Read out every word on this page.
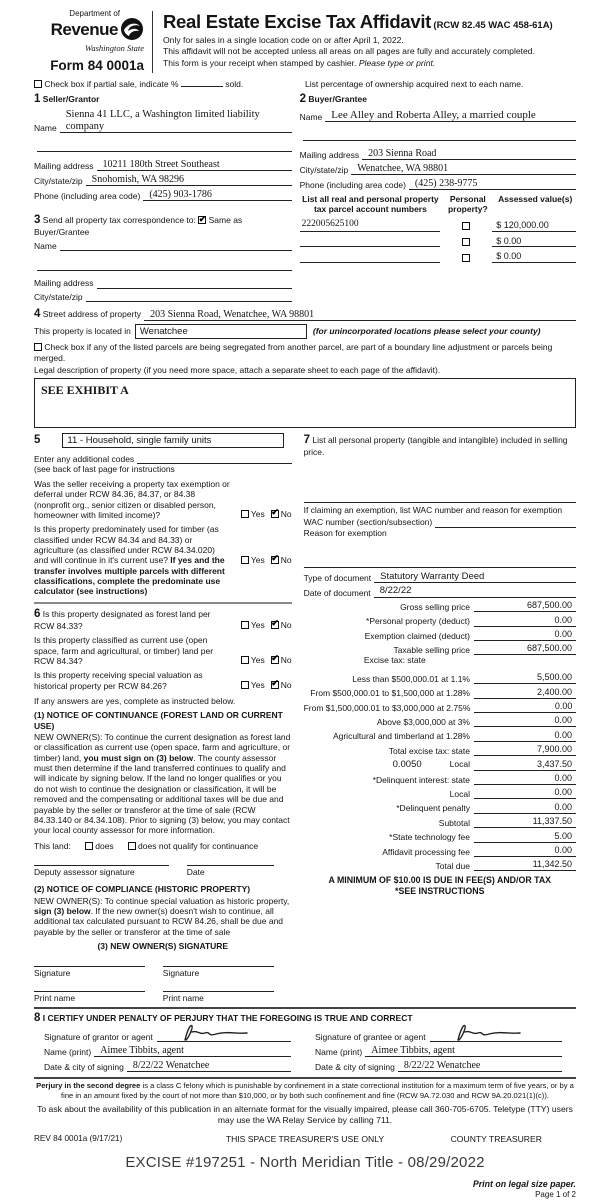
Department of
Revenue
Washington State
Form 84 0001a
Real Estate Excise Tax Affidavit (RCW 82.45 WAC 458-61A)
Only for sales in a single location code on or after April 1, 2022.
This affidavit will not be accepted unless all areas on all pages are fully and accurately completed.
This form is your receipt when stamped by cashier. Please type or print.
Check box if partial sale, indicate %	sold.	List percentage of ownership acquired next to each name.
1 Seller/Grantor
Name
Sienna 41 LLC, a Washington limited liability company
Mailing address 10211 180th Street Southeast
City/state/zip Snohomish, WA 98296
Phone (including area code) (425) 903-1786
3 Send all property tax correspondence to: ✔ Same as Buyer/Grantee
Name
Mailing address
City/state/zip
2 Buyer/Grantee
Name Lee Alley and Roberta Alley, a married couple
Mailing address 203 Sienna Road
City/state/zip Wenatchee, WA 98801
Phone (including area code) (425) 238-9775
List all real and personal property tax parcel account numbers
Personal property?
Assessed value(s)
222005625100	$ 120,000.00
$ 0.00
$ 0.00
4 Street address of property 203 Sienna Road, Wenatchee, WA 98801
This property is located in Wenatchee	(for unincorporated locations please select your county)
Check box if any of the listed parcels are being segregated from another parcel, are part of a boundary line adjustment or parcels being merged.
Legal description of property (if you need more space, attach a separate sheet to each page of the affidavit).
SEE EXHIBIT A
5	11 - Household, single family units
Enter any additional codes
(see back of last page for instructions
Was the seller receiving a property tax exemption or deferral under RCW 84.36, 84.37, or 84.38 (nonprofit org., senior citizen or disabled person, homeowner with limited income)?	Yes ✔ No
Is this property predominately used for timber (as classified under RCW 84.34 and 84.33) or agriculture (as classified under RCW 84.34.020) and will continue in it's current use? If yes and the transfer involves multiple parcels with different classifications, complete the predominate use calculator (see instructions)
Yes ✔ No
6 Is this property designated as forest land per RCW 84.33?	Yes ✔ No
Is this property classified as current use (open space, farm and agricultural, or timber) land per RCW 84.34?	Yes ✔ No
Is this property receiving special valuation as historical property per RCW 84.26?	Yes ✔ No
If any answers are yes, complete as instructed below.
(1) NOTICE OF CONTINUANCE (FOREST LAND OR CURRENT USE)
NEW OWNER(S): To continue the current designation as forest land or classification as current use (open space, farm and agriculture, or timber) land, you must sign on (3) below. The county assessor must then determine if the land transferred continues to qualify and will indicate by signing below. If the land no longer qualifies or you do not wish to continue the designation or classification, it will be removed and the compensating or additional taxes will be due and payable by the seller or transferor at the time of sale (RCW 84.33.140 or 84.34.108). Prior to signing (3) below, you may contact your local county assessor for more information.
This land:	does	does not qualify for continuance
Deputy assessor signature	Date
(2) NOTICE OF COMPLIANCE (HISTORIC PROPERTY)
NEW OWNER(S): To continue special valuation as historic property, sign (3) below. If the new owner(s) doesn't wish to continue, all additional tax calculated pursuant to RCW 84.26, shall be due and payable by the seller or transferor at the time of sale
(3) NEW OWNER(S) SIGNATURE
Signature	Signature
Print name	Print name
7 List all personal property (tangible and intangible) included in selling price.
If claiming an exemption, list WAC number and reason for exemption
WAC number (section/subsection)
Reason for exemption
Type of document Statutory Warranty Deed
Date of document 8/22/22
Gross selling price	687,500.00
*Personal property (deduct)	0.00
Exemption claimed (deduct)	0.00
Taxable selling price	687,500.00
Excise tax: state
Less than $500,000.01 at 1.1%	5,500.00
From $500,000.01 to $1,500,000 at 1.28%	2,400.00
From $1,500,000.01 to $3,000,000 at 2.75%	0.00
Above $3,000,000 at 3%	0.00
Agricultural and timberland at 1.28%	0.00
Total excise tax: state	7,900.00
0.0050	Local	3,437.50
*Delinquent interest: state	0.00
Local	0.00
*Delinquent penalty	0.00
Subtotal	11,337.50
*State technology fee	5.00
Affidavit processing fee	0.00
Total due	11,342.50
A MINIMUM OF $10.00 IS DUE IN FEE(S) AND/OR TAX
*SEE INSTRUCTIONS
8 I CERTIFY UNDER PENALTY OF PERJURY THAT THE FOREGOING IS TRUE AND CORRECT
Signature of grantor or agent
Name (print) Aimee Tibbits, agent
Date & city of signing 8/22/22 Wenatchee
Signature of grantee or agent
Name (print) Aimee Tibbits, agent
Date & city of signing 8/22/22 Wenatchee
Perjury in the second degree is a class C felony which is punishable by confinement in a state correctional institution for a maximum term of five years, or by a fine in an amount fixed by the court of not more than $10,000, or by both such confinement and fine (RCW 9A.72.030 and RCW 9A.20.021(1)(c)).
To ask about the availability of this publication in an alternate format for the visually impaired, please call 360-705-6705. Teletype (TTY) users may use the WA Relay Service by calling 711.
REV 84 0001a (9/17/21)	THIS SPACE TREASURER'S USE ONLY	COUNTY TREASURER
EXCISE #197251 - North Meridian Title - 08/29/2022
Print on legal size paper.
Page 1 of 2
